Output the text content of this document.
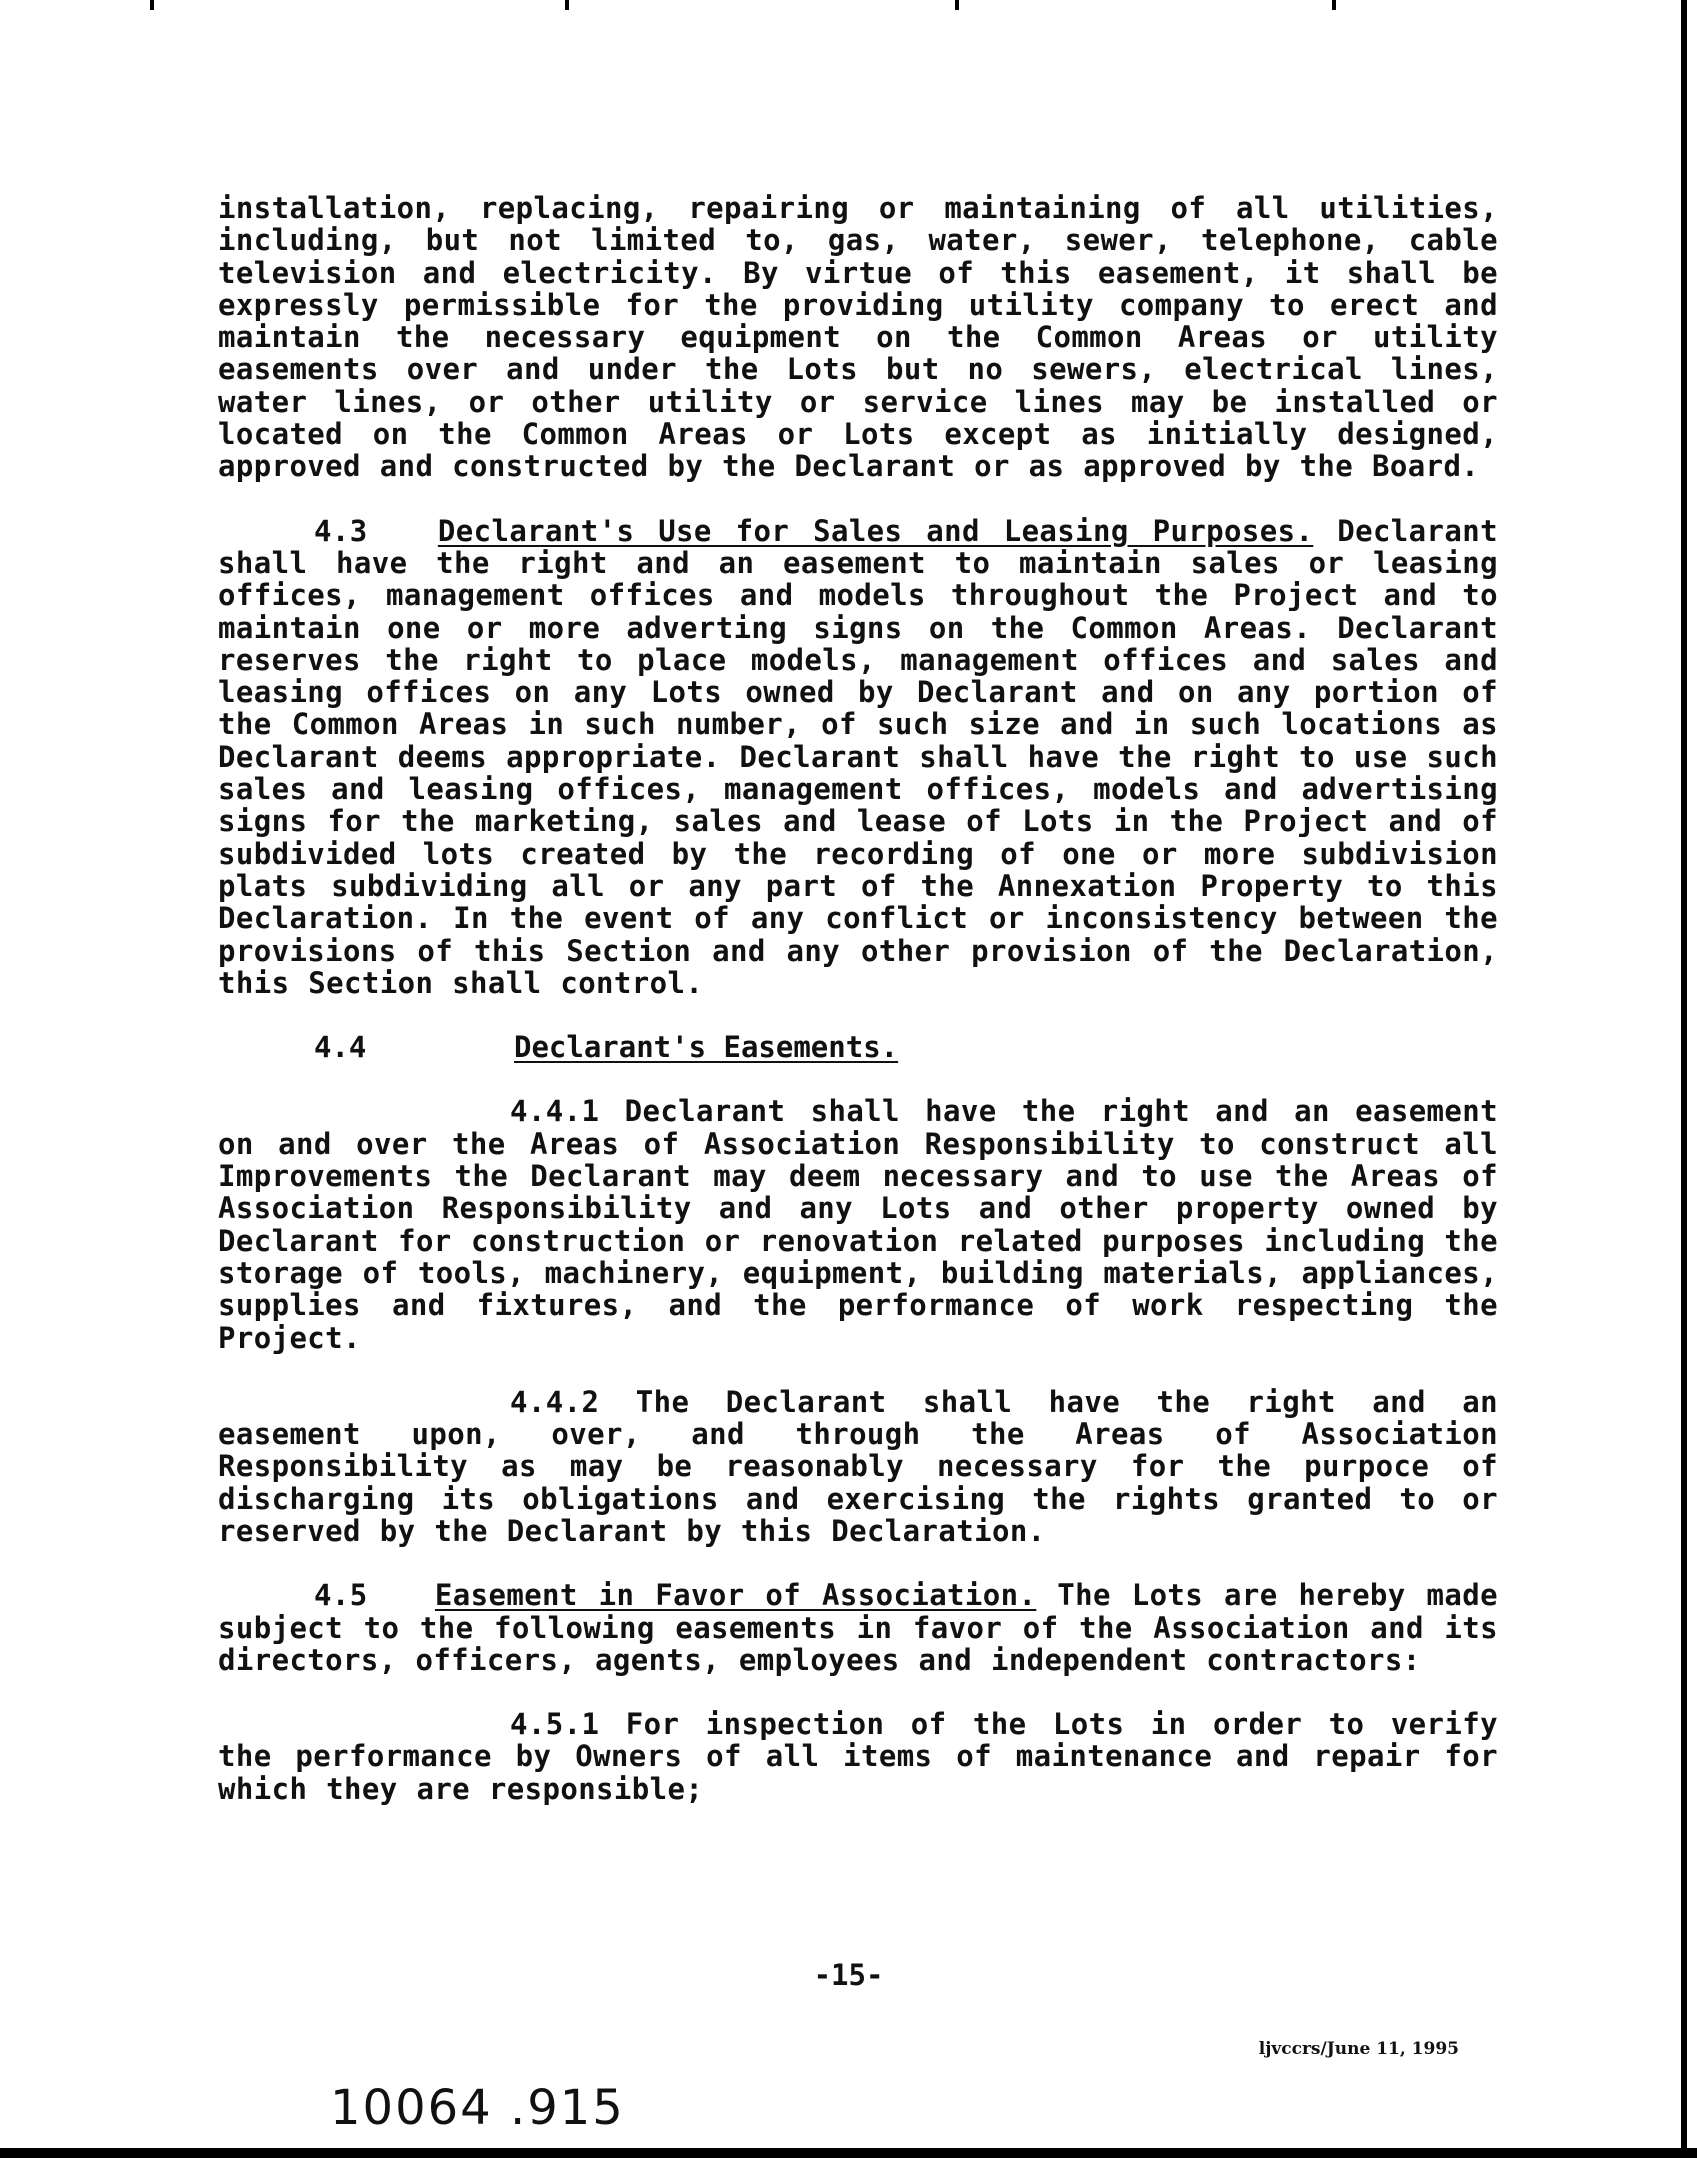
installation, replacing, repairing or maintaining of all utilities, including, but not limited to, gas, water, sewer, telephone, cable television and electricity. By virtue of this easement, it shall be expressly permissible for the providing utility company to erect and maintain the necessary equipment on the Common Areas or utility easements over and under the Lots but no sewers, electrical lines, water lines, or other utility or service lines may be installed or located on the Common Areas or Lots except as initially designed, approved and constructed by the Declarant or as approved by the Board.

4.3 Declarant's Use for Sales and Leasing Purposes. Declarant shall have the right and an easement to maintain sales or leasing offices, management offices and models throughout the Project and to maintain one or more adverting signs on the Common Areas. Declarant reserves the right to place models, management offices and sales and leasing offices on any Lots owned by Declarant and on any portion of the Common Areas in such number, of such size and in such locations as Declarant deems appropriate. Declarant shall have the right to use such sales and leasing offices, management offices, models and advertising signs for the marketing, sales and lease of Lots in the Project and of subdivided lots created by the recording of one or more subdivision plats subdividing all or any part of the Annexation Property to this Declaration. In the event of any conflict or inconsistency between the provisions of this Section and any other provision of the Declaration, this Section shall control.

4.4	Declarant's Easements.

4.4.1 Declarant shall have the right and an easement on and over the Areas of Association Responsibility to construct all Improvements the Declarant may deem necessary and to use the Areas of Association Responsibility and any Lots and other property owned by Declarant for construction or renovation related purposes including the storage of tools, machinery, equipment, building materials, appliances, supplies and fixtures, and the performance of work respecting the Project.

4.4.2 The Declarant shall have the right and an easement upon, over, and through the Areas of Association Responsibility as may be reasonably necessary for the purpoce of discharging its obligations and exercising the rights granted to or reserved by the Declarant by this Declaration.

4.5 Easement in Favor of Association. The Lots are hereby made subject to the following easements in favor of the Association and its directors, officers, agents, employees and independent contractors:

4.5.1 For inspection of the Lots in order to verify the performance by Owners of all items of maintenance and repair for which they are responsible;

-15-
ljvccrs/June 11, 1995
10064 .915
